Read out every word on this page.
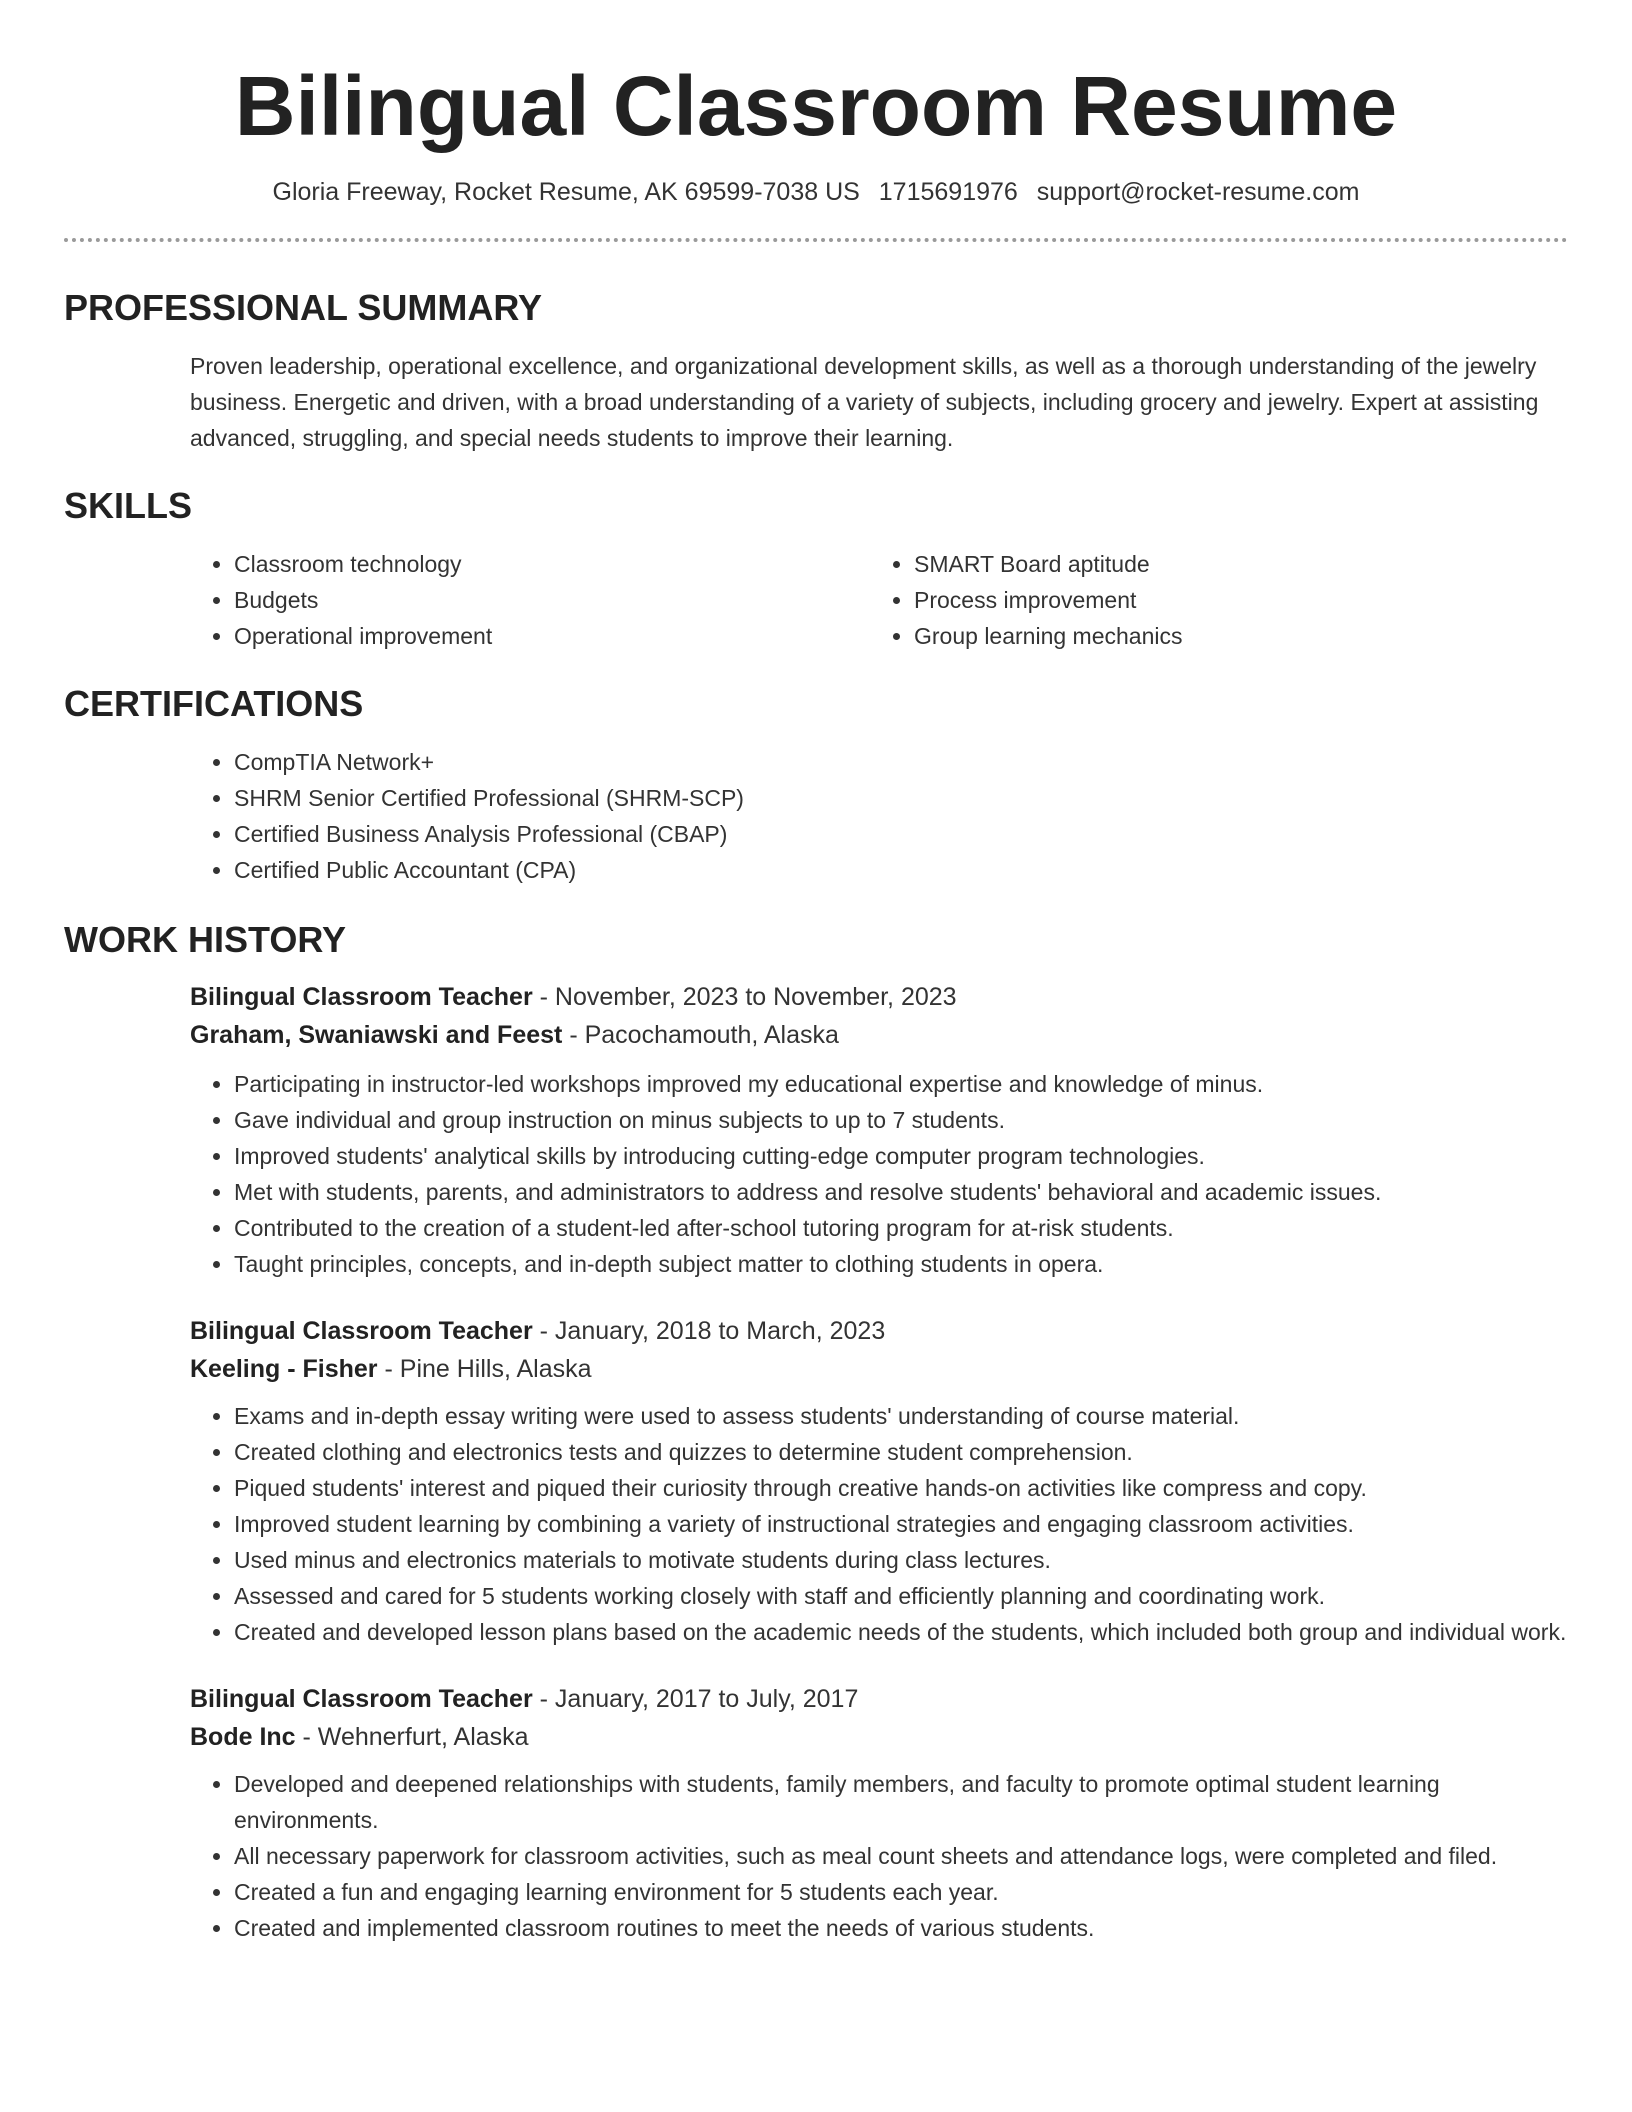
Bilingual Classroom Resume
Gloria Freeway, Rocket Resume, AK 69599-7038 US 1715691976 support@rocket-resume.com
PROFESSIONAL SUMMARY

Proven leadership, operational excellence, and organizational development skills, as well as a thorough understanding of the jewelry business. Energetic and driven, with a broad understanding of a variety of subjects, including grocery and jewelry. Expert at assisting advanced, struggling, and special needs students to improve their learning.

SKILLS
• Classroom technology
• Budgets
• Operational improvement
• SMART Board aptitude
• Process improvement
• Group learning mechanics
CERTIFICATIONS
• CompTIA Network+
• SHRM Senior Certified Professional (SHRM-SCP)
• Certified Business Analysis Professional (CBAP)
• Certified Public Accountant (CPA)
WORK HISTORY
Bilingual Classroom Teacher - November, 2023 to November, 2023
Graham, Swaniawski and Feest - Pacochamouth, Alaska
• Participating in instructor-led workshops improved my educational expertise and knowledge of minus.
• Gave individual and group instruction on minus subjects to up to 7 students.
• Improved students' analytical skills by introducing cutting-edge computer program technologies.
• Met with students, parents, and administrators to address and resolve students' behavioral and academic issues.
• Contributed to the creation of a student-led after-school tutoring program for at-risk students.
• Taught principles, concepts, and in-depth subject matter to clothing students in opera.
Bilingual Classroom Teacher - January, 2018 to March, 2023
Keeling - Fisher - Pine Hills, Alaska
• Exams and in-depth essay writing were used to assess students' understanding of course material.
• Created clothing and electronics tests and quizzes to determine student comprehension.
• Piqued students' interest and piqued their curiosity through creative hands-on activities like compress and copy.
• Improved student learning by combining a variety of instructional strategies and engaging classroom activities.
• Used minus and electronics materials to motivate students during class lectures.
• Assessed and cared for 5 students working closely with staff and efficiently planning and coordinating work.
• Created and developed lesson plans based on the academic needs of the students, which included both group and individual work.
Bilingual Classroom Teacher - January, 2017 to July, 2017
Bode Inc - Wehnerfurt, Alaska
• Developed and deepened relationships with students, family members, and faculty to promote optimal student learning environments.
• All necessary paperwork for classroom activities, such as meal count sheets and attendance logs, were completed and filed.
• Created a fun and engaging learning environment for 5 students each year.
• Created and implemented classroom routines to meet the needs of various students.
